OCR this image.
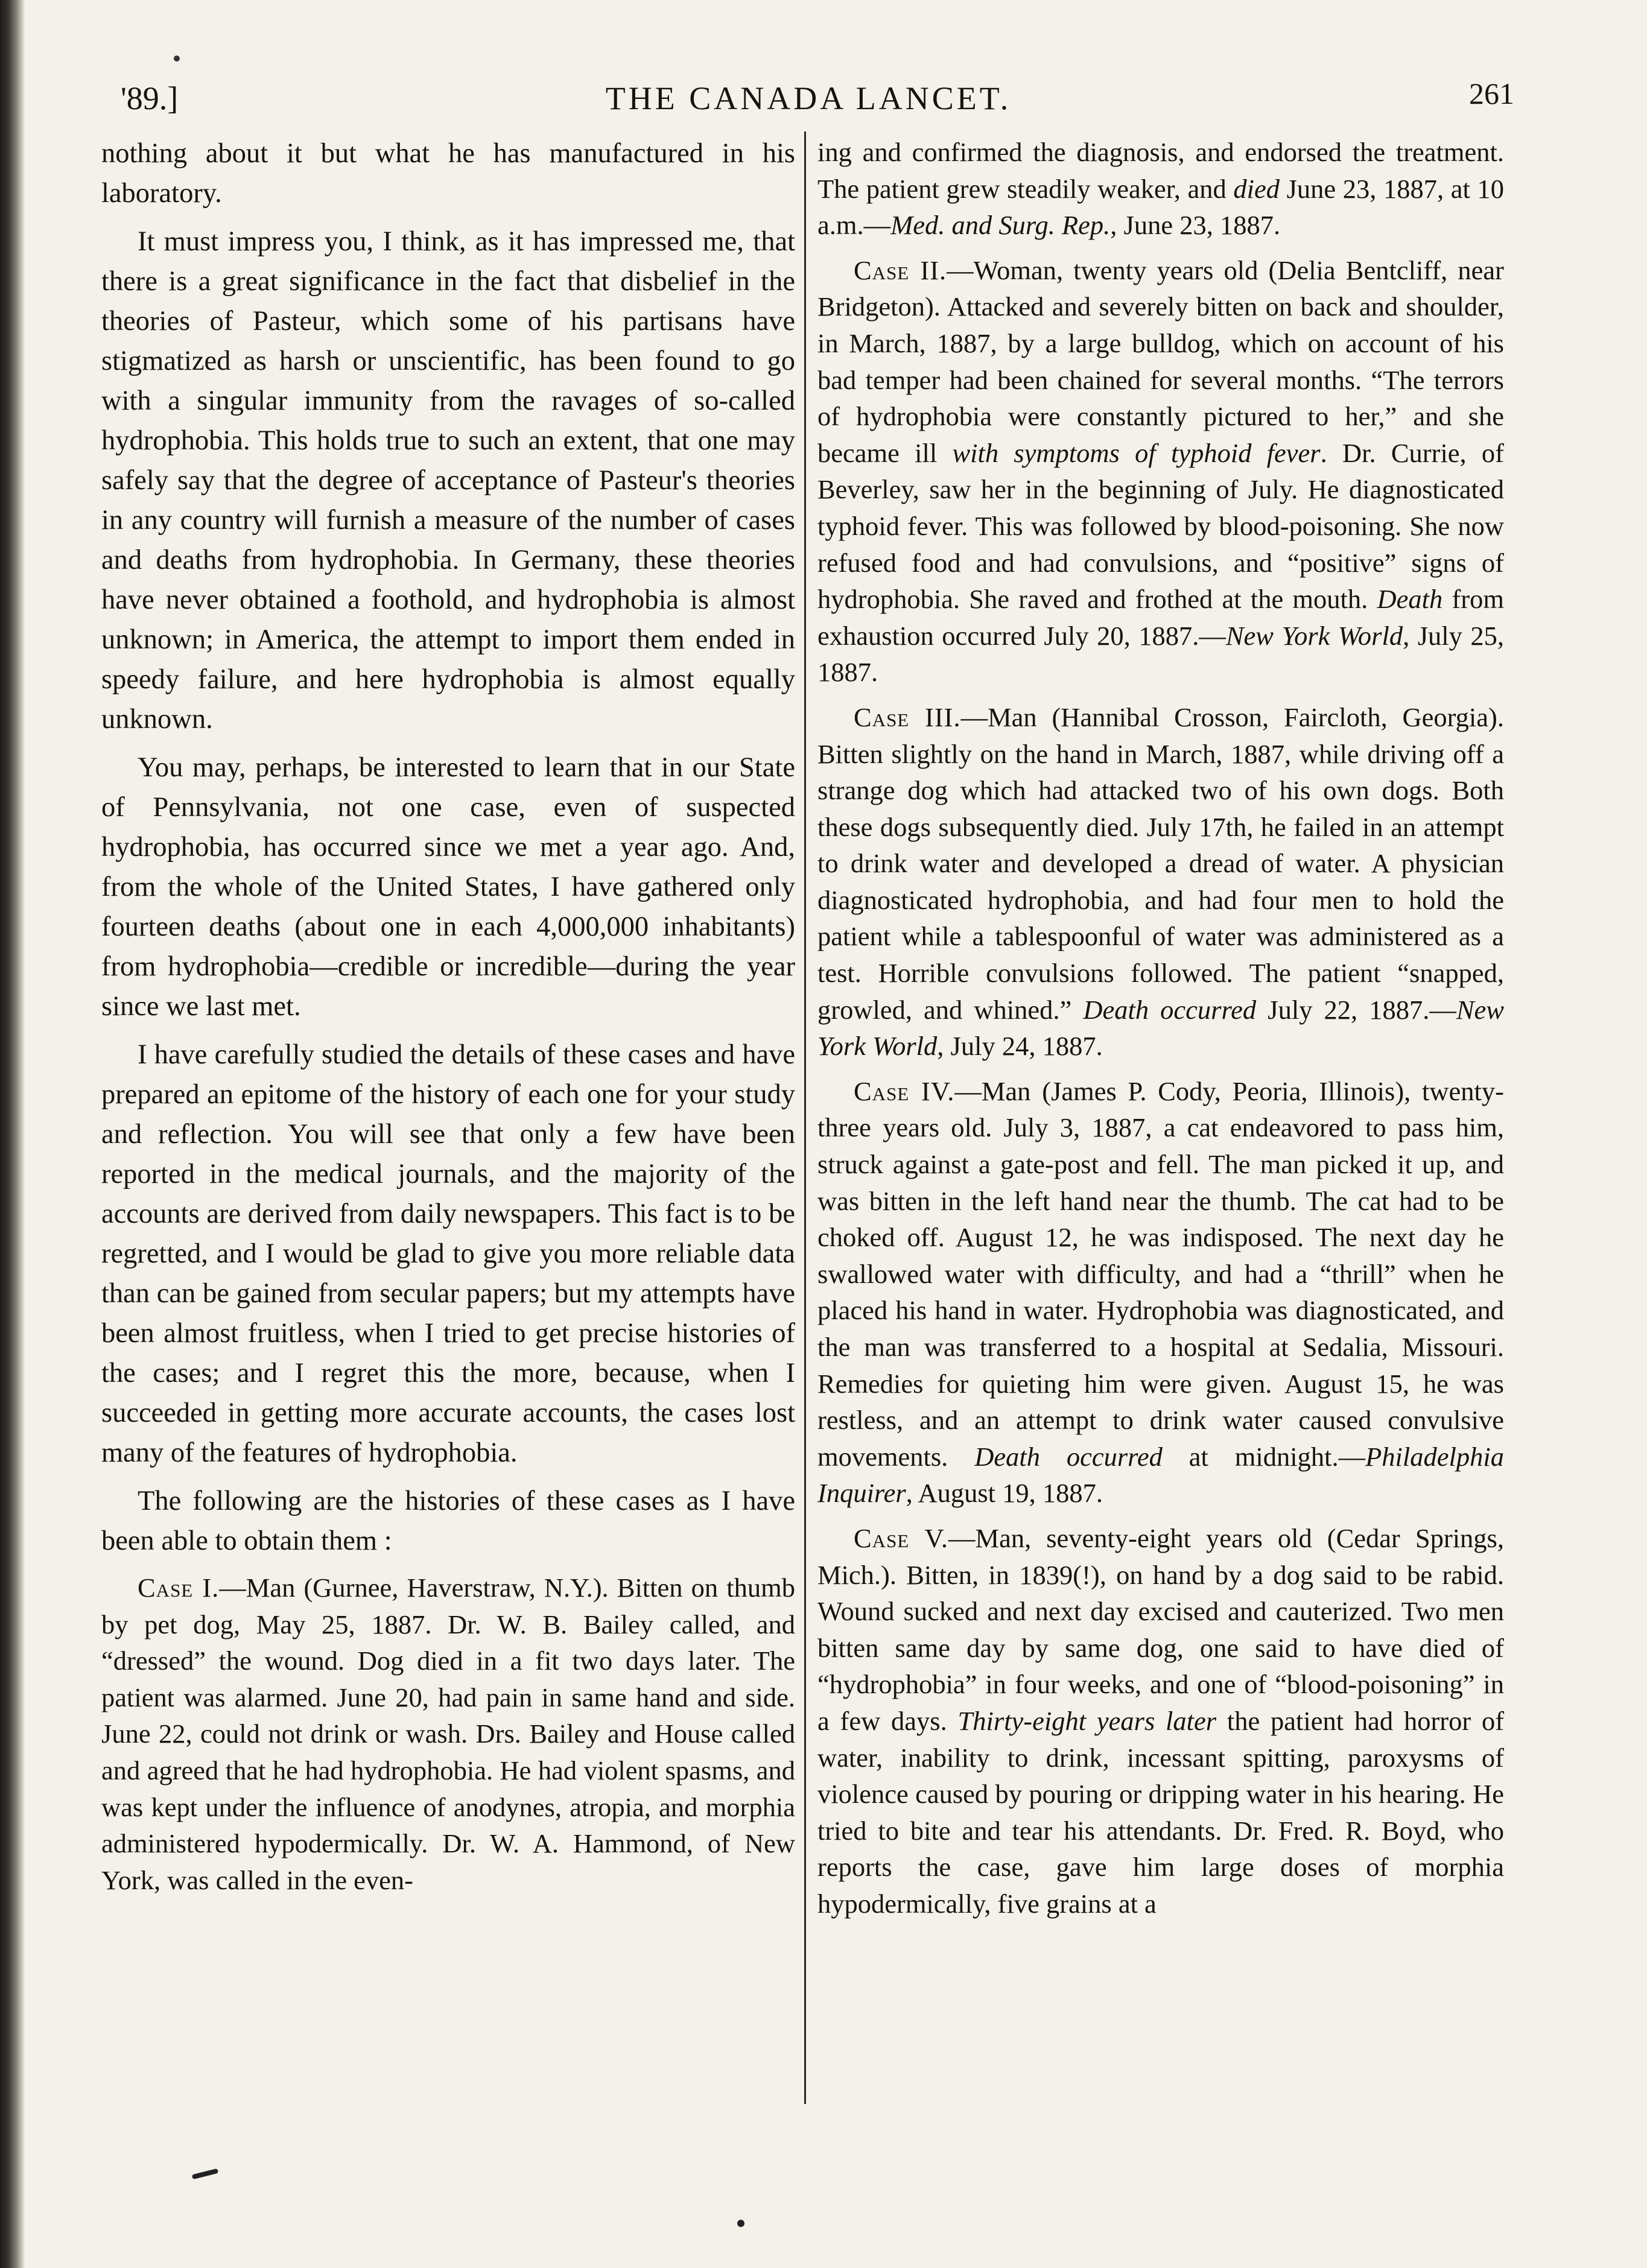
'89.]	THE CANADA LANCET.	261

nothing about it but what he has manufactured in his laboratory.

It must impress you, I think, as it has impressed me, that there is a great significance in the fact that disbelief in the theories of Pasteur, which some of his partisans have stigmatized as harsh or unscientific, has been found to go with a singular immunity from the ravages of so-called hydrophobia. This holds true to such an extent, that one may safely say that the degree of acceptance of Pasteur's theories in any country will furnish a measure of the number of cases and deaths from hydrophobia. In Germany, these theories have never obtained a foothold, and hydrophobia is almost unknown; in America, the attempt to import them ended in speedy failure, and here hydrophobia is almost equally unknown.

You may, perhaps, be interested to learn that in our State of Pennsylvania, not one case, even of suspected hydrophobia, has occurred since we met a year ago. And, from the whole of the United States, I have gathered only fourteen deaths (about one in each 4,000,000 inhabitants) from hydrophobia—credible or incredible—during the year since we last met.

I have carefully studied the details of these cases and have prepared an epitome of the history of each one for your study and reflection. You will see that only a few have been reported in the medical journals, and the majority of the accounts are derived from daily newspapers. This fact is to be regretted, and I would be glad to give you more reliable data than can be gained from secular papers; but my attempts have been almost fruitless, when I tried to get precise histories of the cases; and I regret this the more, because, when I succeeded in getting more accurate accounts, the cases lost many of the features of hydrophobia.

The following are the histories of these cases as I have been able to obtain them :

Case I.—Man (Gurnee, Haverstraw, N.Y.). Bitten on thumb by pet dog, May 25, 1887. Dr. W. B. Bailey called, and “dressed” the wound. Dog died in a fit two days later. The patient was alarmed. June 20, had pain in same hand and side. June 22, could not drink or wash. Drs. Bailey and House called and agreed that he had hydrophobia. He had violent spasms, and was kept under the influence of anodynes, atropia, and morphia administered hypodermically. Dr. W. A. Hammond, of New York, was called in the even-

ing and confirmed the diagnosis, and endorsed the treatment. The patient grew steadily weaker, and died June 23, 1887, at 10 a.m.—Med. and Surg. Rep., June 23, 1887.

Case II.—Woman, twenty years old (Delia Bentcliff, near Bridgeton). Attacked and severely bitten on back and shoulder, in March, 1887, by a large bulldog, which on account of his bad temper had been chained for several months. “The terrors of hydrophobia were constantly pictured to her,” and she became ill with symptoms of typhoid fever. Dr. Currie, of Beverley, saw her in the beginning of July. He diagnosticated typhoid fever. This was followed by blood-poisoning. She now refused food and had convulsions, and “positive” signs of hydrophobia. She raved and frothed at the mouth. Death from exhaustion occurred July 20, 1887.—New York World, July 25, 1887.

Case III.—Man (Hannibal Crosson, Faircloth, Georgia). Bitten slightly on the hand in March, 1887, while driving off a strange dog which had attacked two of his own dogs. Both these dogs subsequently died. July 17th, he failed in an attempt to drink water and developed a dread of water. A physician diagnosticated hydrophobia, and had four men to hold the patient while a tablespoonful of water was administered as a test. Horrible convulsions followed. The patient “snapped, growled, and whined.” Death occurred July 22, 1887.—New York World, July 24, 1887.

Case IV.—Man (James P. Cody, Peoria, Illinois), twenty-three years old. July 3, 1887, a cat endeavored to pass him, struck against a gate-post and fell. The man picked it up, and was bitten in the left hand near the thumb. The cat had to be choked off. August 12, he was indisposed. The next day he swallowed water with difficulty, and had a “thrill” when he placed his hand in water. Hydrophobia was diagnosticated, and the man was transferred to a hospital at Sedalia, Missouri. Remedies for quieting him were given. August 15, he was restless, and an attempt to drink water caused convulsive movements. Death occurred at midnight.—Philadelphia Inquirer, August 19, 1887.

Case V.—Man, seventy-eight years old (Cedar Springs, Mich.). Bitten, in 1839(!), on hand by a dog said to be rabid. Wound sucked and next day excised and cauterized. Two men bitten same day by same dog, one said to have died of “hydrophobia” in four weeks, and one of “blood-poisoning” in a few days. Thirty-eight years later the patient had horror of water, inability to drink, incessant spitting, paroxysms of violence caused by pouring or dripping water in his hearing. He tried to bite and tear his attendants. Dr. Fred. R. Boyd, who reports the case, gave him large doses of morphia hypodermically, five grains at a
